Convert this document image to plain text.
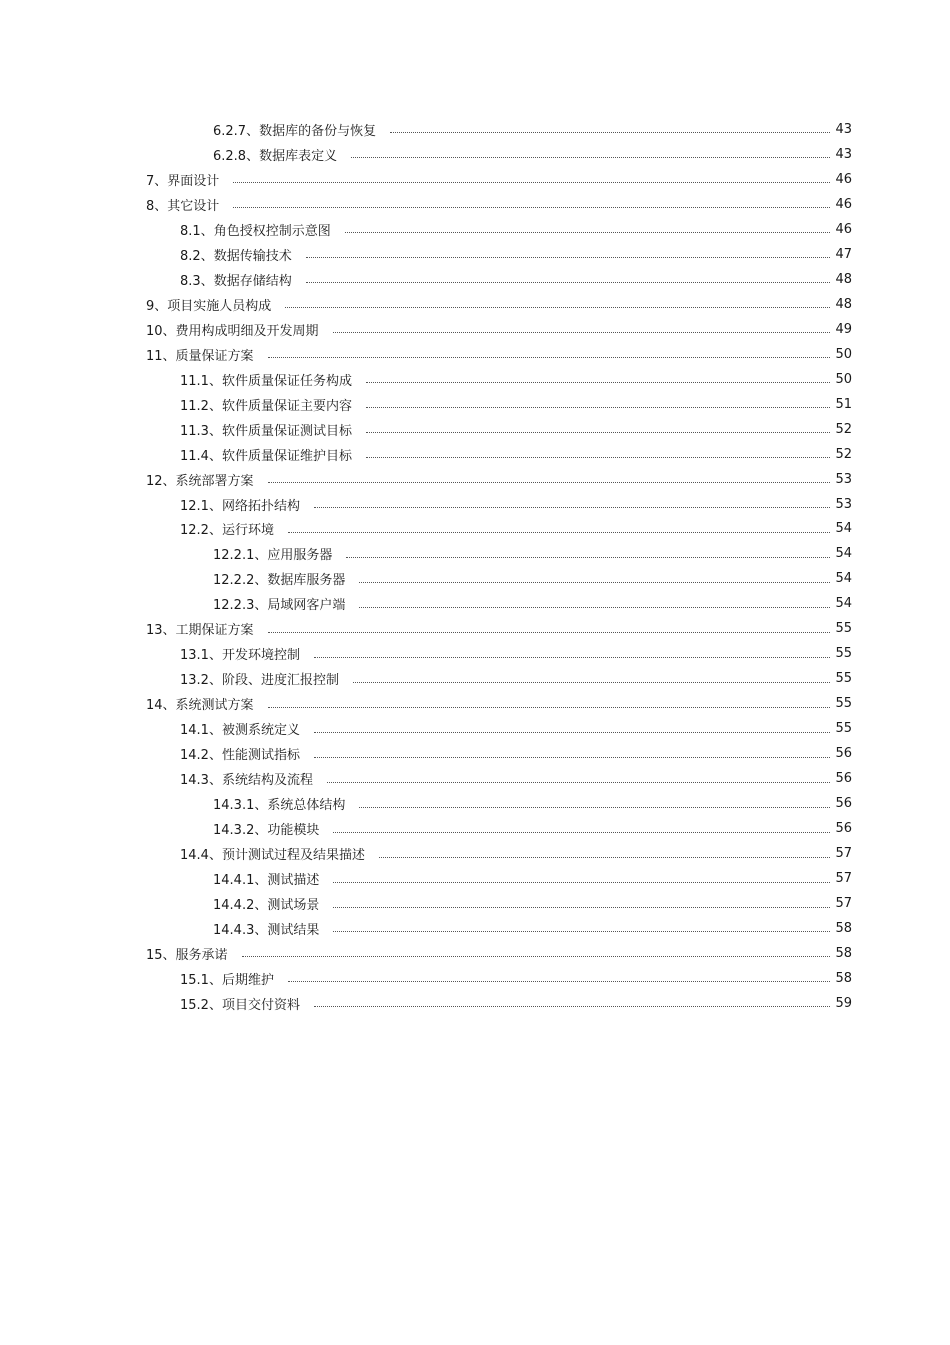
6.2.7、 数据库的备份与恢复	43
6.2.8、 数据库表定义	43
7、 界面设计	46
8、 其它设计	46
8.1、 角色授权控制示意图	46
8.2、 数据传输技术	47
8.3、 数据存储结构	48
9、 项目实施人员构成	48
10、 费用构成明细及开发周期	49
11、 质量保证方案	50
11.1、 软件质量保证任务构成	50
11.2、 软件质量保证主要内容	51
11.3、 软件质量保证测试目标	52
11.4、 软件质量保证维护目标	52
12、 系统部署方案	53
12.1、 网络拓扑结构	53
12.2、 运行环境	54
12.2.1、 应用服务器	54
12.2.2、 数据库服务器	54
12.2.3、 局域网客户端	54
13、 工期保证方案	55
13.1、 开发环境控制	55
13.2、 阶段、进度汇报控制	55
14、 系统测试方案	55
14.1、 被测系统定义	55
14.2、 性能测试指标	56
14.3、 系统结构及流程	56
14.3.1、 系统总体结构	56
14.3.2、 功能模块	56
14.4、 预计测试过程及结果描述	57
14.4.1、 测试描述	57
14.4.2、 测试场景	57
14.4.3、 测试结果	58
15、 服务承诺	58
15.1、 后期维护	58
15.2、 项目交付资料	59
